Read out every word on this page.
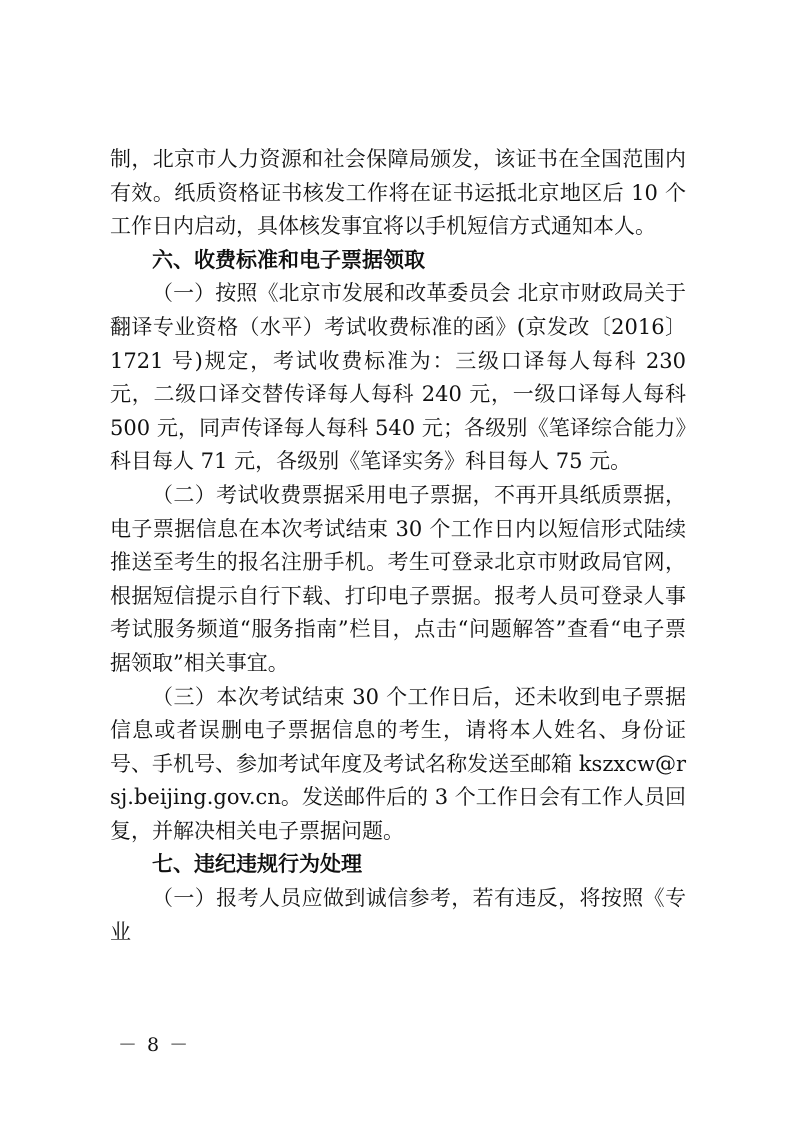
制，北京市人力资源和社会保障局颁发，该证书在全国范围内有效。纸质资格证书核发工作将在证书运抵北京地区后 10 个工作日内启动，具体核发事宜将以手机短信方式通知本人。

六、收费标准和电子票据领取

（一）按照《北京市发展和改革委员会 北京市财政局关于翻译专业资格（水平）考试收费标准的函》(京发改〔2016〕1721 号)规定，考试收费标准为：三级口译每人每科 230 元，二级口译交替传译每人每科 240 元，一级口译每人每科 500 元，同声传译每人每科 540 元；各级别《笔译综合能力》科目每人 71 元，各级别《笔译实务》科目每人 75 元。

（二）考试收费票据采用电子票据，不再开具纸质票据，电子票据信息在本次考试结束 30 个工作日内以短信形式陆续推送至考生的报名注册手机。考生可登录北京市财政局官网，根据短信提示自行下载、打印电子票据。报考人员可登录人事考试服务频道“服务指南”栏目，点击“问题解答”查看“电子票据领取”相关事宜。

（三）本次考试结束 30 个工作日后，还未收到电子票据信息或者误删电子票据信息的考生，请将本人姓名、身份证号、手机号、参加考试年度及考试名称发送至邮箱 kszxcw@rsj.beijing.gov.cn。发送邮件后的 3 个工作日会有工作人员回复，并解决相关电子票据问题。

七、违纪违规行为处理

（一）报考人员应做到诚信参考，若有违反，将按照《专业

－ 8 －
